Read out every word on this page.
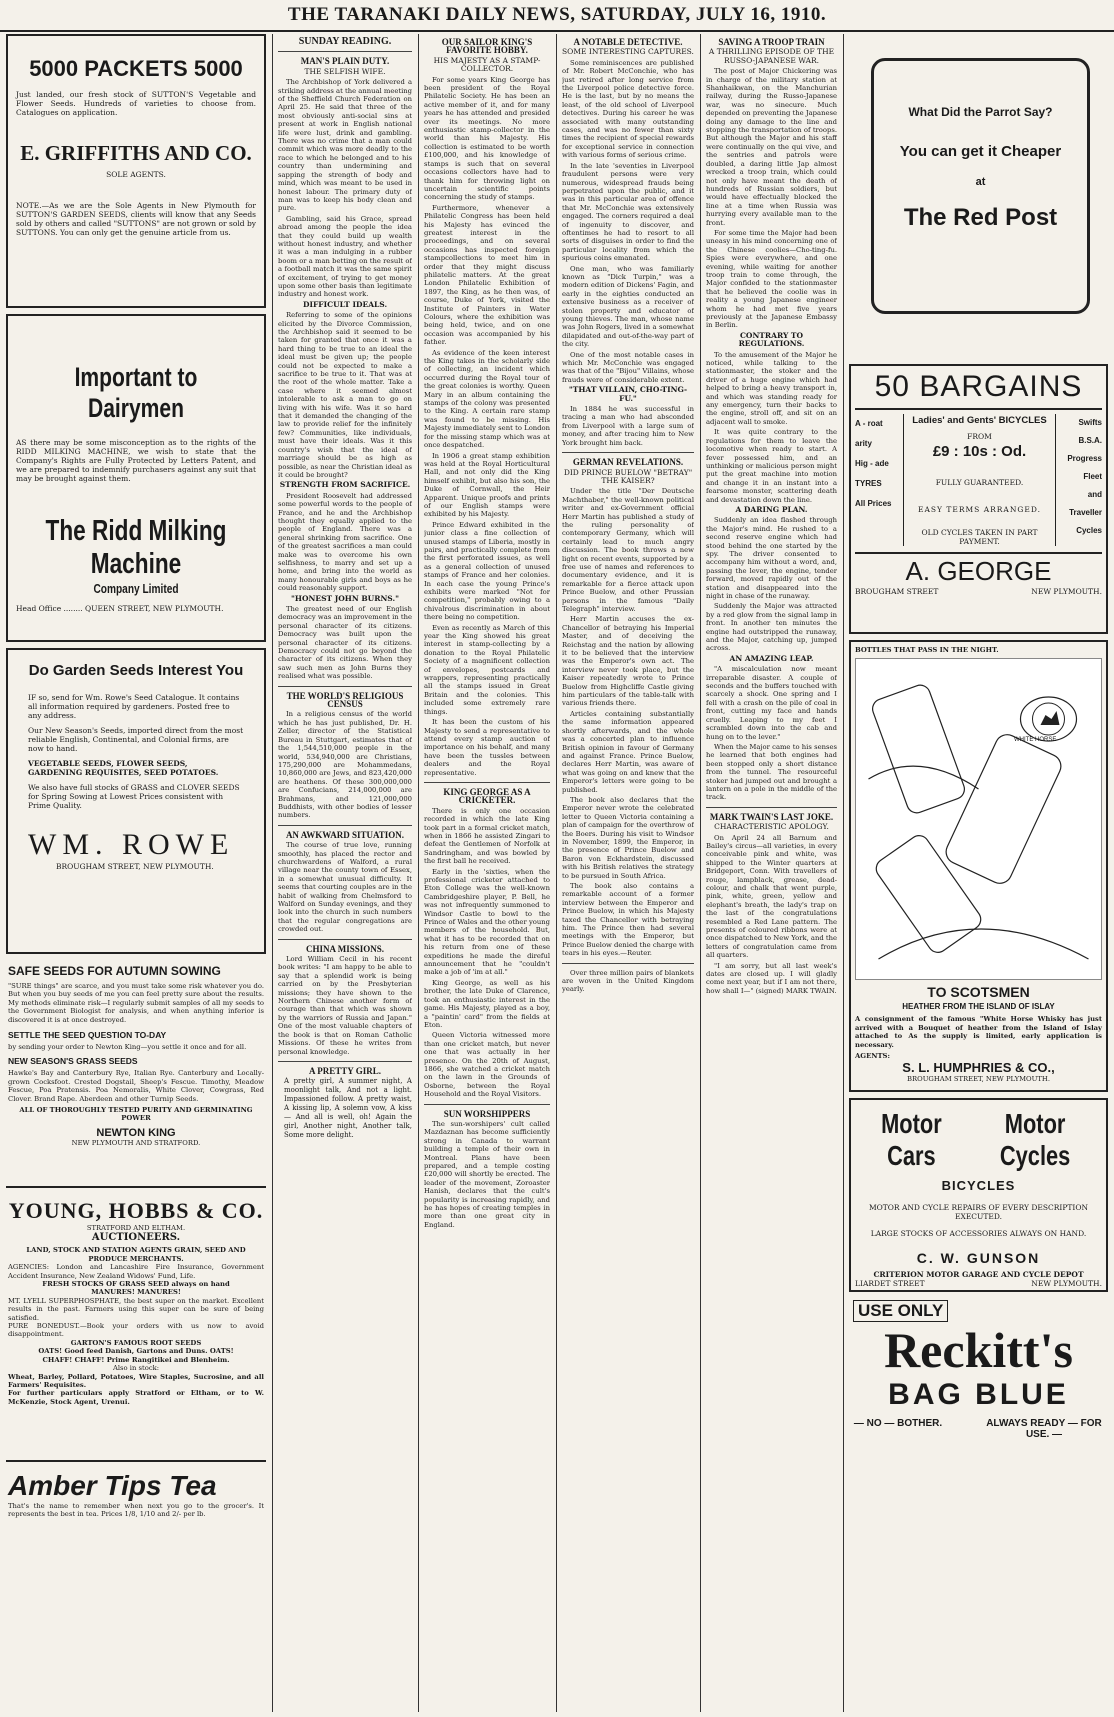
THE TARANAKI DAILY NEWS, SATURDAY, JULY 16, 1910.
5000 PACKETS 5000
Just landed, our fresh stock of SUTTON'S Vegetable and Flower Seeds. Hundreds of varieties to choose from. Catalogues on application.
E. GRIFFITHS AND CO.
SOLE AGENTS.
NOTE.—As we are the Sole Agents in New Plymouth for SUTTON'S GARDEN SEEDS, clients will know that any Seeds sold by others and called "SUTTONS" are not grown or sold by SUTTONS. You can only get the genuine article from us.
Important to Dairymen
AS there may be some misconception as to the rights of the RIDD MILKING MACHINE, we wish to state that the Company's Rights are Fully Protected by Letters Patent, and we are prepared to indemnify purchasers against any suit that may be brought against them.
The Ridd Milking Machine
Company Limited
Head Office ........ QUEEN STREET, NEW PLYMOUTH.
Do Garden Seeds Interest You
IF so, send for Wm. Rowe's Seed Catalogue. It contains all information required by gardeners. Posted free to any address.
Our New Season's Seeds, imported direct from the most reliable English, Continental, and Colonial firms, are now to hand.
VEGETABLE SEEDS, FLOWER SEEDS, GARDENING REQUISITES, SEED POTATOES.
We also have full stocks of GRASS and CLOVER SEEDS for Spring Sowing at Lowest Prices consistent with Prime Quality.
WM. ROWE
BROUGHAM STREET, NEW PLYMOUTH.
SAFE SEEDS FOR AUTUMN SOWING
"SURE things" are scarce, and you must take some risk whatever you do. But when you buy seeds of me you can feel pretty sure about the results. My methods eliminate risk—I regularly submit samples of all my seeds to the Government Biologist for analysis, and when anything inferior is discovered it is at once destroyed.
SETTLE THE SEED QUESTION TO-DAY
by sending your order to Newton King—you settle it once and for all.
NEW SEASON'S GRASS SEEDS
Hawke's Bay and Canterbury Rye, Italian Rye. Canterbury and Locally-grown Cocksfoot. Crested Dogstail, Sheep's Fescue. Timothy, Meadow Fescue, Poa Pratensis. Poa Nemoralis, White Clover, Cowgrass, Red Clover. Brand Rape. Aberdeen and other Turnip Seeds.
ALL OF THOROUGHLY TESTED PURITY AND GERMINATING POWER
NEWTON KING
NEW PLYMOUTH AND STRATFORD.
YOUNG, HOBBS & CO.
STRATFORD AND ELTHAM.
AUCTIONEERS.
LAND, STOCK AND STATION AGENTS GRAIN, SEED AND PRODUCE MERCHANTS.
AGENCIES: London and Lancashire Fire Insurance, Government Accident Insurance, New Zealand Widows' Fund, Life.
FRESH STOCKS OF GRASS SEED always on hand
MANURES! MANURES!
MT. LYELL SUPERPHOSPHATE, the best super on the market. Excellent results in the past. Farmers using this super can be sure of being satisfied.
PURE BONEDUST.—Book your orders with us now to avoid disappointment.
GARTON'S FAMOUS ROOT SEEDS
OATS! Good feed Danish, Gartons and Duns. OATS!
CHAFF! CHAFF! Prime Rangitikei and Blenheim.
Also in stock:
Wheat, Barley, Pollard, Potatoes, Wire Staples, Sucrosine, and all Farmers' Requisites.
For further particulars apply Stratford or Eltham, or to W. McKenzie, Stock Agent, Urenui.
Amber Tips Tea
That's the name to remember when next you go to the grocer's. It represents the best in tea. Prices 1/8, 1/10 and 2/- per lb.
SUNDAY READING.
MAN'S PLAIN DUTY.
THE SELFISH WIFE.

The Archbishop of York delivered a striking address at the annual meeting of the Sheffield Church Federation on April 25. He said that three of the most obviously anti-social sins at present at work in English national life were lust, drink and gambling. There was no crime that a man could commit which was more deadly to the race to which he belonged and to his country than undermining and sapping the strength of body and mind, which was meant to be used in honest labour. The primary duty of man was to keep his body clean and pure.

Gambling, said his Grace, spread abroad among the people the idea that they could build up wealth without honest industry, and whether it was a man indulging in a rubber boom or a man betting on the result of a football match it was the same spirit of excitement, of trying to get money upon some other basis than legitimate industry and honest work.

DIFFICULT IDEALS.

Referring to some of the opinions elicited by the Divorce Commission, the Archbishop said it seemed to be taken for granted that once it was a hard thing to be true to an ideal the ideal must be given up; the people could not be expected to make a sacrifice to be true to it. That was at the root of the whole matter. Take a case where it seemed almost intolerable to ask a man to go on living with his wife. Was it so hard that it demanded the changing of the law to provide relief for the infinitely few? Communities, like individuals, must have their ideals. Was it this country's wish that the ideal of marriage should be as high as possible, as near the Christian ideal as it could be brought?

STRENGTH FROM SACRIFICE.

President Roosevelt had addressed some powerful words to the people of France, and he and the Archbishop thought they equally applied to the people of England. There was a general shrinking from sacrifice. One of the greatest sacrifices a man could make was to overcome his own selfishness, to marry and set up a home, and bring into the world as many honourable girls and boys as he could reasonably support.

"HONEST JOHN BURNS."

The greatest need of our English democracy was an improvement in the personal character of its citizens. Democracy was built upon the personal character of its citizens. Democracy could not go beyond the character of its citizens. When they saw such men as John Burns they realised what was possible.

THE WORLD'S RELIGIOUS CENSUS

In a religious census of the world which he has just published, Dr. H. Zeller, director of the Statistical Bureau in Stuttgart, estimates that of the 1,544,510,000 people in the world, 534,940,000 are Christians, 175,290,000 are Mohammedans, 10,860,000 are Jews, and 823,420,000 are heathens. Of these 300,000,000 are Confucians, 214,000,000 are Brahmans, and 121,000,000 Buddhists, with other bodies of lesser numbers.

AN AWKWARD SITUATION.

The course of true love, running smoothly, has placed the rector and churchwardens of Walford, a rural village near the county town of Essex, in a somewhat unusual difficulty. It seems that courting couples are in the habit of walking from Chelmsford to Walford on Sunday evenings, and they look into the church in such numbers that the regular congregations are crowded out.

CHINA MISSIONS.

Lord William Cecil in his recent book writes: "I am happy to be able to say that a splendid work is being carried on by the Presbyterian missions; they have shown to the Northern Chinese another form of courage than that which was shown by the warriors of Russia and Japan." One of the most valuable chapters of the book is that on Roman Catholic Missions. Of these he writes from personal knowledge.

A PRETTY GIRL.
A pretty girl, A summer night, A moonlight talk, And not a light. Impassioned follow. A pretty waist, A kissing lip, A solemn vow, A kiss— And all is well, oh! Again the girl, Another night, Another talk, Some more delight.
OUR SAILOR KING'S FAVORITE HOBBY.
HIS MAJESTY AS A STAMP-COLLECTOR.

For some years King George has been president of the Royal Philatelic Society. He has been an active member of it, and for many years he has attended and presided over its meetings. No more enthusiastic stamp-collector in the world than his Majesty. His collection is estimated to be worth £100,000, and his knowledge of stamps is such that on several occasions collectors have had to thank him for throwing light on uncertain scientific points concerning the study of stamps.

Furthermore, whenever a Philatelic Congress has been held his Majesty has evinced the greatest interest in the proceedings, and on several occasions has inspected foreign stampcollections to meet him in order that they might discuss philatelic matters. At the great London Philatelic Exhibition of 1897, the King, as he then was, of course, Duke of York, visited the Institute of Painters in Water Colours, where the exhibition was being held, twice, and on one occasion was accompanied by his father.

As evidence of the keen interest the King takes in the scholarly side of collecting, an incident which occurred during the Royal tour of the great colonies is worthy. Queen Mary in an album containing the stamps of the colony was presented to the King. A certain rare stamp was found to be missing. His Majesty immediately sent to London for the missing stamp which was at once despatched.

In 1906 a great stamp exhibition was held at the Royal Horticultural Hall, and not only did the King himself exhibit, but also his son, the Duke of Cornwall, the Heir Apparent. Unique proofs and prints of our English stamps were exhibited by his Majesty.

Prince Edward exhibited in the junior class a fine collection of unused stamps of Liberia, mostly in pairs, and practically complete from the first perforated issues, as well as a general collection of unused stamps of France and her colonies. In each case the young Prince's exhibits were marked "Not for competition," probably owing to a chivalrous discrimination in about there being no competition.

Even as recently as March of this year the King showed his great interest in stamp-collecting by a donation to the Royal Philatelic Society of a magnificent collection of envelopes, postcards and wrappers, representing practically all the stamps issued in Great Britain and the colonies. This included some extremely rare things.

It has been the custom of his Majesty to send a representative to attend every stamp auction of importance on his behalf, and many have been the tussles between dealers and the Royal representative.

KING GEORGE AS A CRICKETER.

There is only one occasion recorded in which the late King took part in a formal cricket match, when in 1866 he assisted Zingari to defeat the Gentlemen of Norfolk at Sandringham, and was bowled by the first ball he received.

Early in the 'sixties, when the professional cricketer attached to Eton College was the well-known Cambridgeshire player, P. Bell, he was not infrequently summoned to Windsor Castle to bowl to the Prince of Wales and the other young members of the household. But, what it has to be recorded that on his return from one of these expeditions he made the direful announcement that he "couldn't make a job of 'im at all."

King George, as well as his brother, the late Duke of Clarence, took an enthusiastic interest in the game. His Majesty, played as a boy, a "paintin' card" from the fields at Eton.

Queen Victoria witnessed more than one cricket match, but never one that was actually in her presence. On the 20th of August, 1866, she watched a cricket match on the lawn in the Grounds of Osborne, between the Royal Household and the Royal Visitors.

SUN WORSHIPPERS

The sun-worshipers' cult called Mazdaznan has become sufficiently strong in Canada to warrant building a temple of their own in Montreal. Plans have been prepared, and a temple costing £20,000 will shortly be erected. The leader of the movement, Zoroaster Hanish, declares that the cult's popularity is increasing rapidly, and he has hopes of creating temples in more than one great city in England.

A NOTABLE DETECTIVE.
SOME INTERESTING CAPTURES.

Some reminiscences are published of Mr. Robert McConchie, who has just retired after long service from the Liverpool police detective force. He is the last, but by no means the least, of the old school of Liverpool detectives. During his career he was associated with many outstanding cases, and was no fewer than sixty times the recipient of special rewards for exceptional service in connection with various forms of serious crime.

In the late 'seventies in Liverpool fraudulent persons were very numerous, widespread frauds being perpetrated upon the public, and it was in this particular area of offence that Mr. McConchie was extensively engaged. The corners required a deal of ingenuity to discover, and oftentimes he had to resort to all sorts of disguises in order to find the particular locality from which the spurious coins emanated.

One man, who was familiarly known as "Dick Turpin," was a modern edition of Dickens' Fagin, and early in the eighties conducted an extensive business as a receiver of stolen property and educator of young thieves. The man, whose name was John Rogers, lived in a somewhat dilapidated and out-of-the-way part of the city.

One of the most notable cases in which Mr. McConchie was engaged was that of the "Bijou" Villains, whose frauds were of considerable extent.

"THAT VILLAIN, CHO-TING-FU."

In 1884 he was successful in tracing a man who had absconded from Liverpool with a large sum of money, and after tracing him to New York brought him back.

GERMAN REVELATIONS.
DID PRINCE BUELOW "BETRAY" THE KAISER?

Under the title "Der Deutsche Machthaber," the well-known political writer and ex-Government official Herr Martin has published a study of the ruling personality of contemporary Germany, which will certainly lead to much angry discussion. The book throws a new light on recent events, supported by a free use of names and references to documentary evidence, and it is remarkable for a fierce attack upon Prince Buelow, and other Prussian persons in the famous "Daily Telegraph" interview.

Herr Martin accuses the ex-Chancellor of betraying his Imperial Master, and of deceiving the Reichstag and the nation by allowing it to be believed that the interview was the Emperor's own act. The interview never took place, but the Kaiser repeatedly wrote to Prince Buelow from Highcliffe Castle giving him particulars of the table-talk with various friends there.

Articles containing substantially the same information appeared shortly afterwards, and the whole was a concerted plan to influence British opinion in favour of Germany and against France. Prince Buelow, declares Herr Martin, was aware of what was going on and knew that the Emperor's letters were going to be published.

The book also declares that the Emperor never wrote the celebrated letter to Queen Victoria containing a plan of campaign for the overthrow of the Boers. During his visit to Windsor in November, 1899, the Emperor, in the presence of Prince Buelow and Baron von Eckhardstein, discussed with his British relatives the strategy to be pursued in South Africa.

The book also contains a remarkable account of a former interview between the Emperor and Prince Buelow, in which his Majesty taxed the Chancellor with betraying him. The Prince then had several meetings with the Emperor, but Prince Buelow denied the charge with tears in his eyes.—Reuter.

Over three million pairs of blankets are woven in the United Kingdom yearly.

SAVING A TROOP TRAIN
A THRILLING EPISODE OF THE RUSSO-JAPANESE WAR.

The post of Major Chickering was in charge of the military station at Shanhaikwan, on the Manchurian railway, during the Russo-Japanese war, was no sinecure. Much depended on preventing the Japanese doing any damage to the line and stopping the transportation of troops. But although the Major and his staff were continually on the qui vive, and the sentries and patrols were doubled, a daring little Jap almost wrecked a troop train, which could not only have meant the death of hundreds of Russian soldiers, but would have effectually blocked the line at a time when Russia was hurrying every available man to the front.

For some time the Major had been uneasy in his mind concerning one of the Chinese coolies—Cho-ting-fu. Spies were everywhere, and one evening, while waiting for another troop train to come through, the Major confided to the stationmaster that he believed the coolie was in reality a young Japanese engineer whom he had met five years previously at the Japanese Embassy in Berlin.

CONTRARY TO REGULATIONS.

To the amusement of the Major he noticed, while talking to the stationmaster, the stoker and the driver of a huge engine which had helped to bring a heavy transport in, and which was standing ready for any emergency, turn their backs to the engine, stroll off, and sit on an adjacent wall to smoke.

It was quite contrary to the regulations for them to leave the locomotive when ready to start. A fever possessed him, and an unthinking or malicious person might put the great machine into motion and change it in an instant into a fearsome monster, scattering death and devastation down the line.

A DARING PLAN.

Suddenly an idea flashed through the Major's mind. He rushed to a second reserve engine which had stood behind the one started by the spy. The driver consented to accompany him without a word, and, passing the lever, the engine, tender forward, moved rapidly out of the station and disappeared into the night in chase of the runaway.

Suddenly the Major was attracted by a red glow from the signal lamp in front. In another ten minutes the engine had outstripped the runaway, and the Major, catching up, jumped across.

AN AMAZING LEAP.

"A miscalculation now meant irreparable disaster. A couple of seconds and the buffers touched with scarcely a shock. One spring and I fell with a crash on the pile of coal in front, cutting my face and hands cruelly. Leaping to my feet I scrambled down into the cab and hung on to the lever."

When the Major came to his senses he learned that both engines had been stopped only a short distance from the tunnel. The resourceful stoker had jumped out and brought a lantern on a pole in the middle of the track.

MARK TWAIN'S LAST JOKE.
CHARACTERISTIC APOLOGY.

On April 24 all Barnum and Bailey's circus—all varieties, in every conceivable pink and white, was shipped to the Winter quarters at Bridgeport, Conn. With travellers of rouge, lampblack, grease, dead-colour, and chalk that went purple, pink, white, green, yellow and elephant's breath, the lady's trap on the last of the congratulations resembled a Red Lane pattern. The presents of coloured ribbons were at once dispatched to New York, and the letters of congratulation came from all quarters.

"I am sorry, but all last week's dates are closed up. I will gladly come next year, but if I am not there, how shall I—" (signed) MARK TWAIN.

What Did the Parrot Say?
You can get it Cheaper
at
The Red Post
50 BARGAINS
A - roat
arity
Hig - ade
TYRES
All Prices
Ladies' and Gents' BICYCLES
FROM
£9 : 10s : Od.
FULLY GUARANTEED.
EASY TERMS ARRANGED.
OLD CYCLES TAKEN IN PART PAYMENT.
Swifts
B.S.A.
Progress
Fleet
and
Traveller
Cycles
A. GEORGE
BROUGHAM STREET	NEW PLYMOUTH.
BOTTLES THAT PASS IN THE NIGHT.
WHITE HORSE
TO SCOTSMEN
HEATHER FROM THE ISLAND OF ISLAY
A consignment of the famous "White Horse Whisky has just arrived with a Bouquet of heather from the Island of Islay attached to As the supply is limited, early application is necessary.
AGENTS:
S. L. HUMPHRIES & CO.,
BROUGHAM STREET, NEW PLYMOUTH.
Motor Cars
Motor Cycles
BICYCLES
MOTOR AND CYCLE REPAIRS OF EVERY DESCRIPTION EXECUTED.
LARGE STOCKS OF ACCESSORIES ALWAYS ON HAND.
C. W. GUNSON
CRITERION MOTOR GARAGE AND CYCLE DEPOT
LIARDET STREET	NEW PLYMOUTH.
USE ONLY
Reckitt's
BAG BLUE
— NO — BOTHER.	ALWAYS READY — FOR USE. —
